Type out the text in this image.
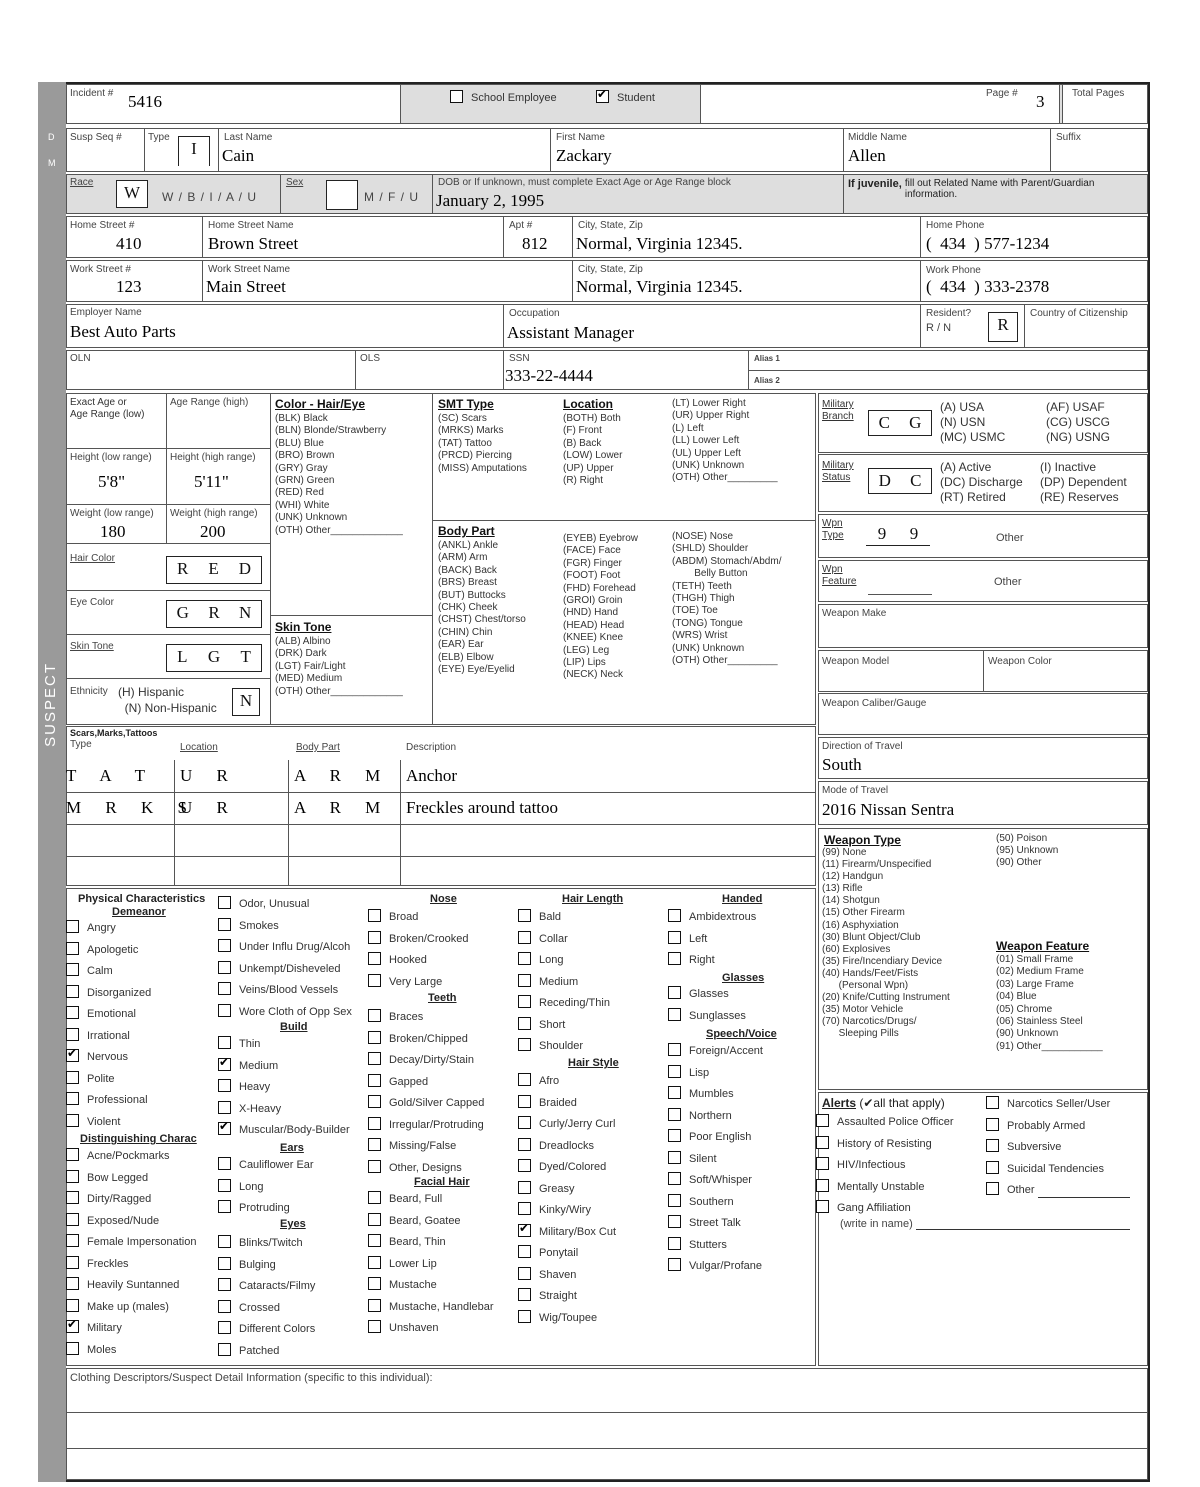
D
M
SUSPECT
Incident # 5416	School Employee
✔	Student	Page # 3	Total Pages
Susp Seq #	Type
I
Last Name
Cain
First Name
Zackary
Middle Name
Allen
Suffix
Race
W	W / B / I / A / U
Sex
M / F / U
DOB or If unknown, must complete Exact Age or Age Range block
January 2, 1995
If juvenile, fill out Related Name with Parent/Guardian information.
Home Street #
410
Home Street Name
Brown Street
Apt #
812
City, State, Zip
Normal, Virginia 12345.
Home Phone
(  434  ) 577-1234
Work Street #
123
Work Street Name
Main Street
City, State, Zip
Normal, Virginia 12345.
Work Phone
(  434  ) 333-2378
Employer Name
Best Auto Parts
Occupation
Assistant Manager
Resident?
R / N	R
Country of Citizenship
OLN	OLS	SSN
333-22-4444
Alias 1
Alias 2
Exact Age or
Age Range (low)
Age Range (high)
Height (low range) Height (high range)
5'8"	5'11"
Weight (low range) Weight (high range)
180	200
Hair Color
R E D
Eye Color
G R N
Skin Tone
L G T
Ethnicity (H) Hispanic
(N) Non-Hispanic	N
Color - Hair/Eye
(BLK) Black
(BLN) Blonde/Strawberry
(BLU) Blue
(BRO) Brown
(GRY) Gray
(GRN) Green
(RED) Red
(WHI) White
(UNK) Unknown
(OTH) Other_____________
Skin Tone
(ALB) Albino
(DRK) Dark
(LGT) Fair/Light
(MED) Medium
(OTH) Other_____________
SMT Type
(SC) Scars
(MRKS) Marks
(TAT) Tattoo
(PRCD) Piercing
(MISS) Amputations
Location
(BOTH) Both
(F) Front
(B) Back
(LOW) Lower
(UP) Upper
(R) Right
(LT) Lower Right
(UR) Upper Right
(L) Left
(LL) Lower Left
(UL) Upper Left
(UNK) Unknown
(OTH) Other_________
Body Part
(ANKL) Ankle
(ARM) Arm
(BACK) Back
(BRS) Breast
(BUT) Buttocks
(CHK) Cheek
(CHST) Chest/torso
(CHIN) Chin
(EAR) Ear
(ELB) Elbow
(EYE) Eye/Eyelid
(EYEB) Eyebrow
(FACE) Face
(FGR) Finger
(FOOT) Foot
(FHD) Forehead
(GROI) Groin
(HND) Hand
(HEAD) Head
(KNEE) Knee
(LEG) Leg
(LIP) Lips
(NECK) Neck
(NOSE) Nose
(SHLD) Shoulder
(ABDM) Stomach/Abdm/
Belly Button
(TETH) Teeth
(THGH) Thigh
(TOE) Toe
(TONG) Tongue
(WRS) Wrist
(UNK) Unknown
(OTH) Other_________
Military
Branch C G
(A) USA
(N) USN
(MC) USMC
(AF) USAF
(CG) USCG
(NG) USNG
Military
Status D C
(A) Active
(DC) Discharge
(RT) Retired
(I) Inactive
(DP) Dependent
(RE) Reserves
Wpn
Type 9 9	Other
Wpn
Feature	Other
Weapon Make
Weapon Model	Weapon Color
Weapon Caliber/Gauge
Direction of Travel
South
Mode of Travel
2016 Nissan Sentra
Scars,Marks,Tattoos
Type	Location	Body Part	Description
T A T U R	A R M Anchor
M R K S
U R	A R M Freckles around tattoo
Physical Characteristics
Weapon Type
(99) None
(11) Firearm/Unspecified
(12) Handgun
(13) Rifle
(14) Shotgun
(15) Other Firearm
(16) Asphyxiation
(30) Blunt Object/Club
(60) Explosives
(35) Fire/Incendiary Device
(40) Hands/Feet/Fists
(Personal Wpn)
(20) Knife/Cutting Instrument
(35) Motor Vehicle
(70) Narcotics/Drugs/
Sleeping Pills
(50) Poison
(95) Unknown
(90) Other
Weapon Feature
(01) Small Frame
(02) Medium Frame
(03) Large Frame
(04) Blue
(05) Chrome
(06) Stainless Steel
(90) Unknown
(91) Other___________
Alerts (✔all that apply)
(write in name)
Clothing Descriptors/Suspect Detail Information (specific to this individual):
Demeanor
Angry
Apologetic
Calm
Disorganized
Emotional
Irrational
✔Nervous
Polite
Professional
Violent
Distinguishing Charac
Acne/Pockmarks
Bow Legged
Dirty/Ragged
Exposed/Nude
Female Impersonation
Freckles
Heavily Suntanned
Make up (males)
✔Military
Moles
Odor, Unusual
Smokes
Under Influ Drug/Alcoh
Unkempt/Disheveled
Veins/Blood Vessels
Wore Cloth of Opp Sex
Build
Thin
✔Medium
Heavy
X-Heavy
✔Muscular/Body-Builder
Ears
Cauliflower Ear
Long
Protruding
Eyes
Blinks/Twitch
Bulging
Cataracts/Filmy
Crossed
Different Colors
Patched
Nose
Broad
Broken/Crooked
Hooked
Very Large
Teeth
Braces
Broken/Chipped
Decay/Dirty/Stain
Gapped
Gold/Silver Capped
Irregular/Protruding
Missing/False
Other, Designs
Facial Hair
Beard, Full
Beard, Goatee
Beard, Thin
Lower Lip
Mustache
Mustache, Handlebar
Unshaven
Hair Length
Bald
Collar
Long
Medium
Receding/Thin
Short
Shoulder
Hair Style
Afro
Braided
Curly/Jerry Curl
Dreadlocks
Dyed/Colored
Greasy
Kinky/Wiry
✔Military/Box Cut
Ponytail
Shaven
Straight
Wig/Toupee
Handed
Ambidextrous
Left
Right
Glasses
Glasses
Sunglasses
Speech/Voice
Foreign/Accent
Lisp
Mumbles
Northern
Poor English
Silent
Soft/Whisper
Southern
Street Talk
Stutters
Vulgar/Profane
Assaulted Police Officer
History of Resisting
HIV/Infectious
Mentally Unstable
Gang Affiliation
Narcotics Seller/User
Probably Armed
Subversive
Suicidal Tendencies
Other
